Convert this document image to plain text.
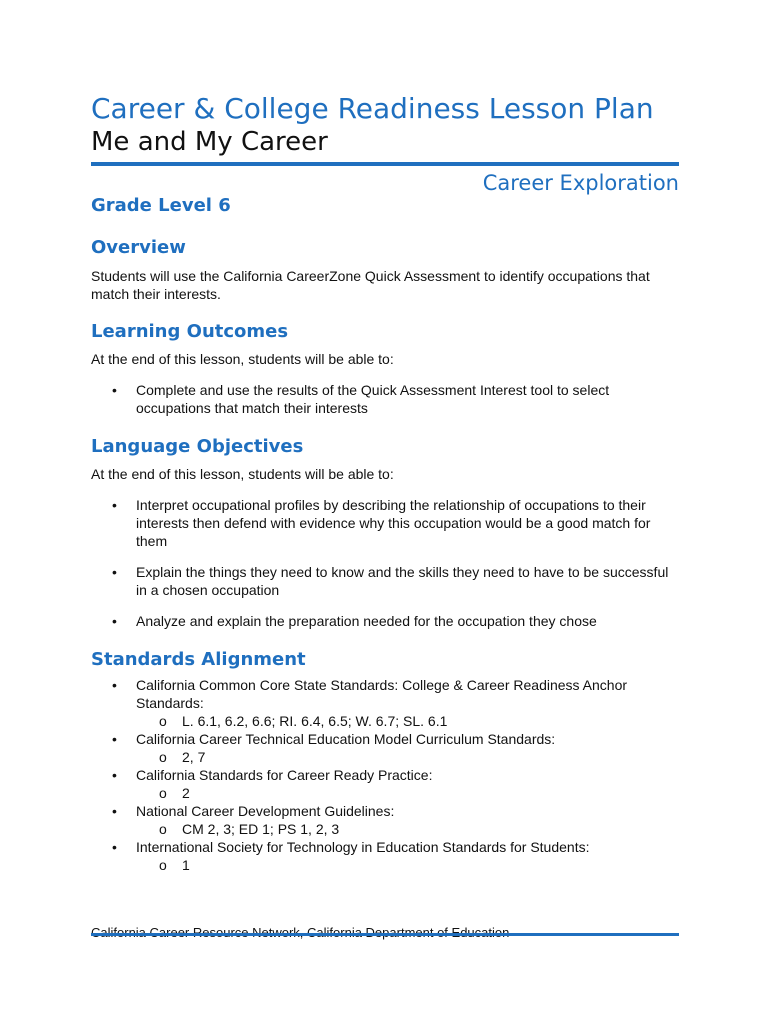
Career & College Readiness Lesson Plan
Me and My Career
Career Exploration
Grade Level 6
Overview

Students will use the California CareerZone Quick Assessment to identify occupations that match their interests.

Learning Outcomes

At the end of this lesson, students will be able to:

• Complete and use the results of the Quick Assessment Interest tool to select occupations that match their interests
Language Objectives

At the end of this lesson, students will be able to:

• Interpret occupational profiles by describing the relationship of occupations to their interests then defend with evidence why this occupation would be a good match for them
• Explain the things they need to know and the skills they need to have to be successful in a chosen occupation
• Analyze and explain the preparation needed for the occupation they chose
Standards Alignment
• California Common Core State Standards: College & Career Readiness Anchor Standards:
o L. 6.1, 6.2, 6.6; RI. 6.4, 6.5; W. 6.7; SL. 6.1
• California Career Technical Education Model Curriculum Standards:
o 2, 7
• California Standards for Career Ready Practice:
o 2
• National Career Development Guidelines:
o CM 2, 3; ED 1; PS 1, 2, 3
• International Society for Technology in Education Standards for Students:
o 1
